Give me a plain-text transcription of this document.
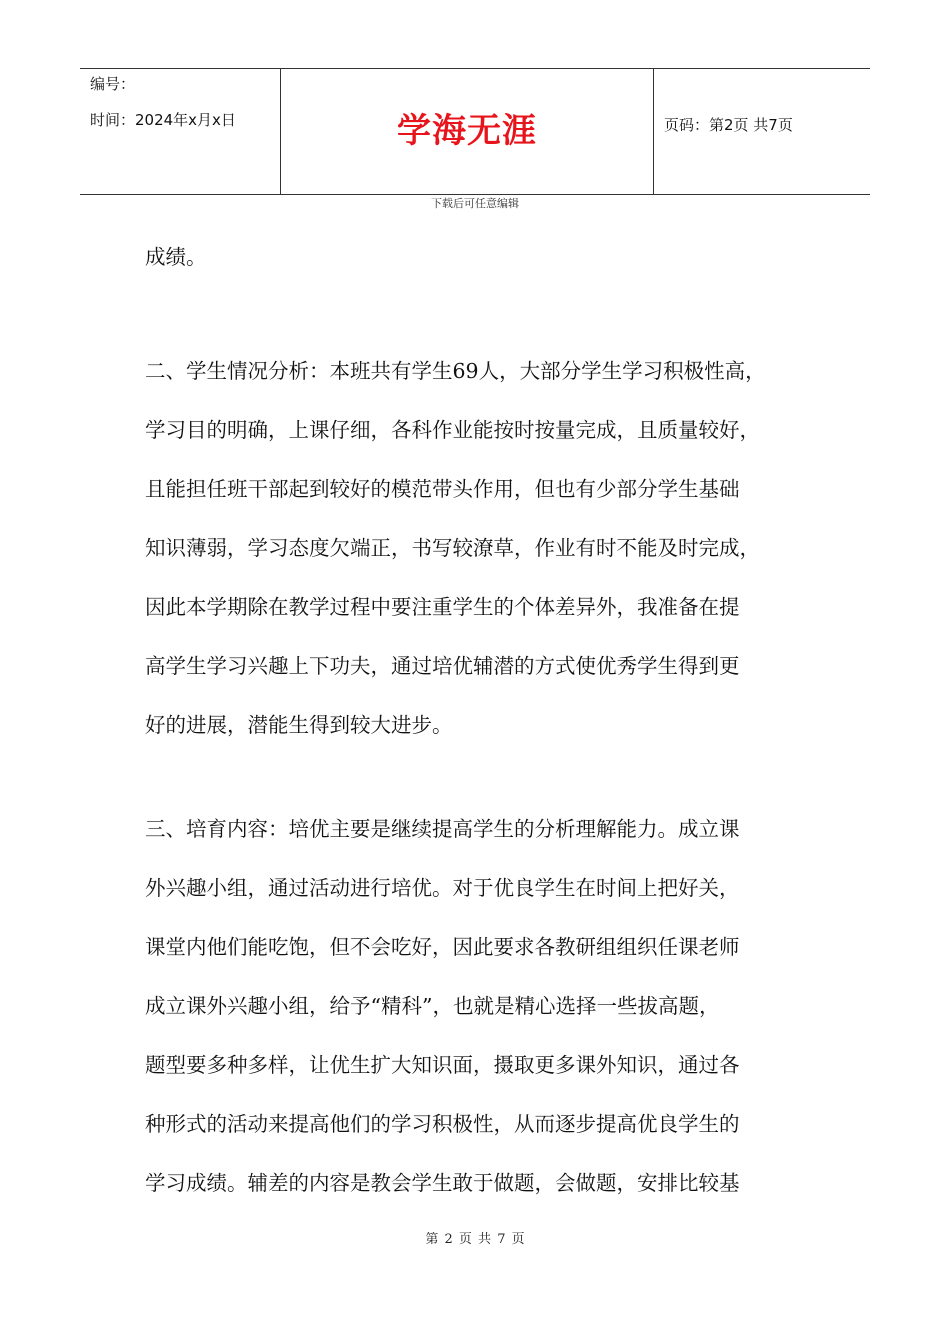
编号：
时间：2024年x月x日	学海无涯	页码：第2页 共7页
下载后可任意编辑

成绩。

二、学生情况分析：本班共有学生69人，大部分学生学习积极性高，

学习目的明确，上课仔细，各科作业能按时按量完成，且质量较好，

且能担任班干部起到较好的模范带头作用，但也有少部分学生基础

知识薄弱，学习态度欠端正，书写较潦草，作业有时不能及时完成，

因此本学期除在教学过程中要注重学生的个体差异外，我准备在提

高学生学习兴趣上下功夫，通过培优辅潜的方式使优秀学生得到更

好的进展，潜能生得到较大进步。

三、培育内容：培优主要是继续提高学生的分析理解能力。成立课

外兴趣小组，通过活动进行培优。对于优良学生在时间上把好关，

课堂内他们能吃饱，但不会吃好，因此要求各教研组组织任课老师

成立课外兴趣小组，给予“精科”，也就是精心选择一些拔高题，

题型要多种多样，让优生扩大知识面，摄取更多课外知识，通过各

种形式的活动来提高他们的学习积极性，从而逐步提高优良学生的

学习成绩。辅差的内容是教会学生敢于做题，会做题，安排比较基

第 2 页 共 7 页
